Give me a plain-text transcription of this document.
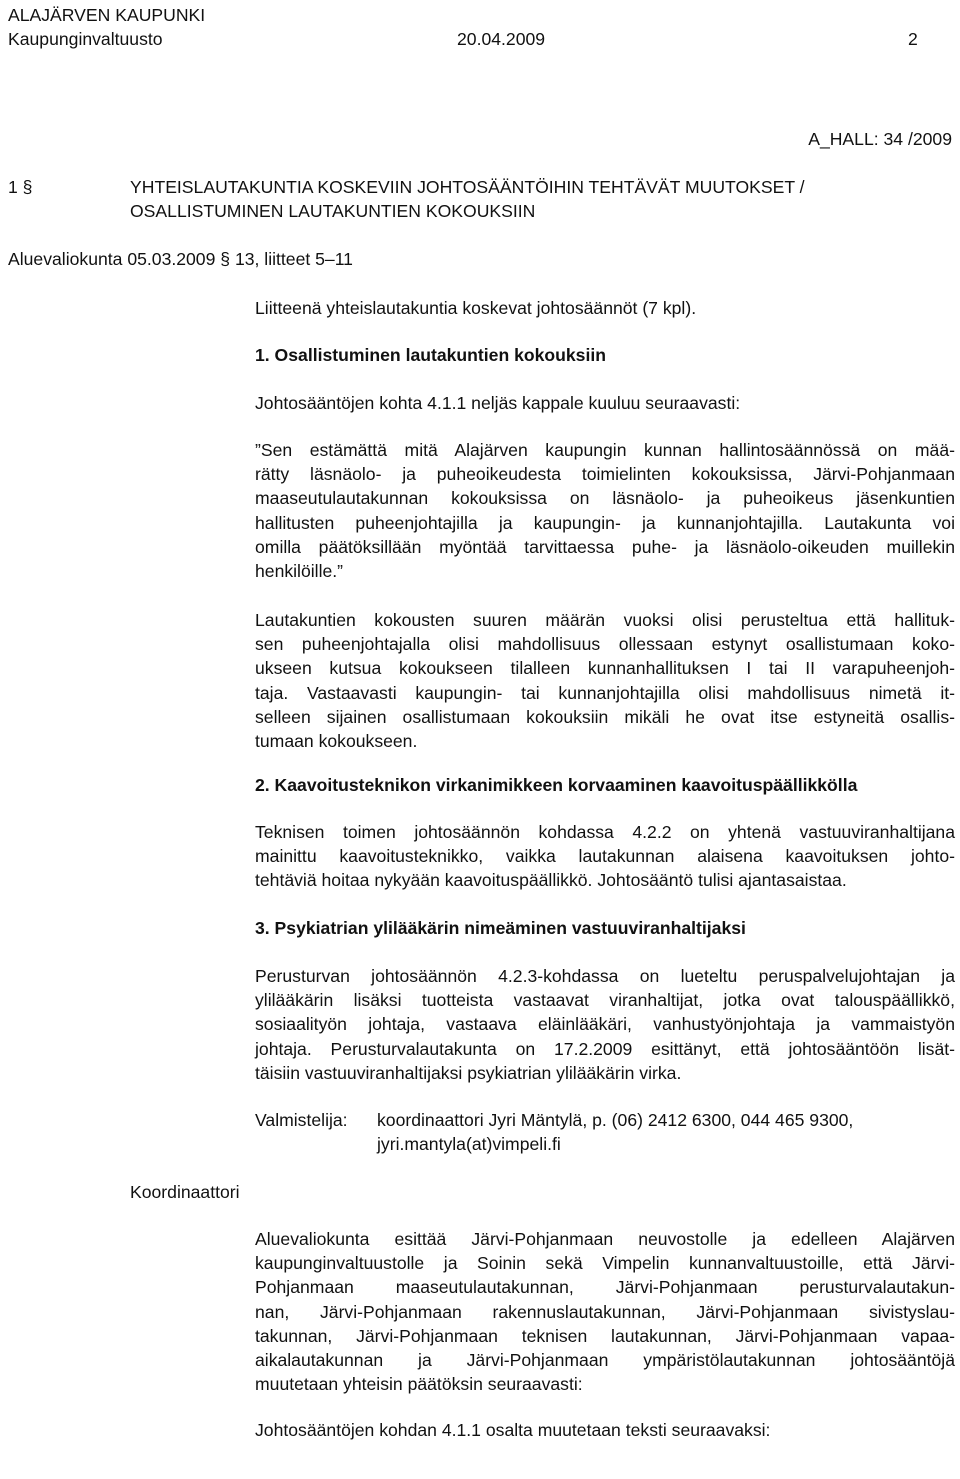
ALAJÄRVEN KAUPUNKI
Kaupunginvaltuusto	20.04.2009	2
A_HALL: 34 /2009
1 §	YHTEISLAUTAKUNTIA KOSKEVIIN JOHTOSÄÄNTÖIHIN TEHTÄVÄT MUUTOKSET /
OSALLISTUMINEN LAUTAKUNTIEN KOKOUKSIIN
Aluevaliokunta 05.03.2009 § 13, liitteet 5–11
Liitteenä yhteislautakuntia koskevat johtosäännöt (7 kpl).
1. Osallistuminen lautakuntien kokouksiin
Johtosääntöjen kohta 4.1.1 neljäs kappale kuuluu seuraavasti:
”Sen estämättä mitä Alajärven kaupungin kunnan hallintosäännössä on mää-
rätty läsnäolo- ja puheoikeudesta toimielinten kokouksissa, Järvi-Pohjanmaan
maaseutulautakunnan kokouksissa on läsnäolo- ja puheoikeus jäsenkuntien
hallitusten puheenjohtajilla ja kaupungin- ja kunnanjohtajilla. Lautakunta voi
omilla päätöksillään myöntää tarvittaessa puhe- ja läsnäolo-oikeuden muillekin
henkilöille.”
Lautakuntien kokousten suuren määrän vuoksi olisi perusteltua että hallituk-
sen puheenjohtajalla olisi mahdollisuus ollessaan estynyt osallistumaan koko-
ukseen kutsua kokoukseen tilalleen kunnanhallituksen I tai II varapuheenjoh-
taja. Vastaavasti kaupungin- tai kunnanjohtajilla olisi mahdollisuus nimetä it-
selleen sijainen osallistumaan kokouksiin mikäli he ovat itse estyneitä osallis-
tumaan kokoukseen.
2. Kaavoitusteknikon virkanimikkeen korvaaminen kaavoituspäällikkölla
Teknisen toimen johtosäännön kohdassa 4.2.2 on yhtenä vastuuviranhaltijana
mainittu kaavoitusteknikko, vaikka lautakunnan alaisena kaavoituksen johto-
tehtäviä hoitaa nykyään kaavoituspäällikkö. Johtosääntö tulisi ajantasaistaa.
3. Psykiatrian ylilääkärin nimeäminen vastuuviranhaltijaksi
Perusturvan johtosäännön 4.2.3-kohdassa on lueteltu peruspalvelujohtajan ja
ylilääkärin lisäksi tuotteista vastaavat viranhaltijat, jotka ovat talouspäällikkö,
sosiaalityön johtaja, vastaava eläinlääkäri, vanhustyönjohtaja ja vammaistyön
johtaja. Perusturvalautakunta on 17.2.2009 esittänyt, että johtosääntöön lisät-
täisiin vastuuviranhaltijaksi psykiatrian ylilääkärin virka.
Valmistelija: koordinaattori Jyri Mäntylä, p. (06) 2412 6300, 044 465 9300,
jyri.mantyla(at)vimpeli.fi
Koordinaattori
Aluevaliokunta esittää Järvi-Pohjanmaan neuvostolle ja edelleen Alajärven
kaupunginvaltuustolle ja Soinin sekä Vimpelin kunnanvaltuustoille, että Järvi-
Pohjanmaan maaseutulautakunnan, Järvi-Pohjanmaan perusturvalautakun-
nan, Järvi-Pohjanmaan rakennuslautakunnan, Järvi-Pohjanmaan sivistyslau-
takunnan, Järvi-Pohjanmaan teknisen lautakunnan, Järvi-Pohjanmaan vapaa-
aikalautakunnan ja Järvi-Pohjanmaan ympäristölautakunnan johtosääntöjä
muutetaan yhteisin päätöksin seuraavasti:
Johtosääntöjen kohdan 4.1.1 osalta muutetaan teksti seuraavaksi:
